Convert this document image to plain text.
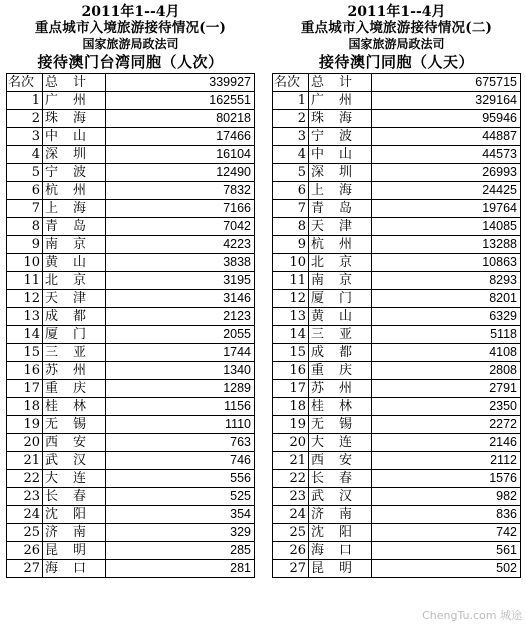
2011年1--4月
重点城市入境旅游接待情况(一)
国家旅游局政法司
接待澳门台湾同胞（人次）
名次	总　计	339927
1	广　州	162551
2	珠　海	80218
3	中　山	17466
4	深　圳	16104
5	宁　波	12490
6	杭　州	7832
7	上　海	7166
8	青　岛	7042
9	南　京	4223
10	黄　山	3838
11	北　京	3195
12	天　津	3146
13	成　都	2123
14	厦　门	2055
15	三　亚	1744
16	苏　州	1340
17	重　庆	1289
18	桂　林	1156
19	无　锡	1110
20	西　安	763
21	武　汉	746
22	大　连	556
23	长　春	525
24	沈　阳	354
25	济　南	329
26	昆　明	285
27	海　口	281
2011年1--4月
重点城市入境旅游接待情况(二)
国家旅游局政法司
接待澳门同胞（人天）
名次	总　计	675715
1	广　州	329164
2	珠　海	95946
3	宁　波	44887
4	中　山	44573
5	深　圳	26993
6	上　海	24425
7	青　岛	19764
8	天　津	14085
9	杭　州	13288
10	北　京	10863
11	南　京	8293
12	厦　门	8201
13	黄　山	6329
14	三　亚	5118
15	成　都	4108
16	重　庆	2808
17	苏　州	2791
18	桂　林	2350
19	无　锡	2272
20	大　连	2146
21	西　安	2112
22	长　春	1576
23	武　汉	982
24	济　南	836
25	沈　阳	742
26	海　口	561
27	昆　明	502
ChengTu.com 城途
